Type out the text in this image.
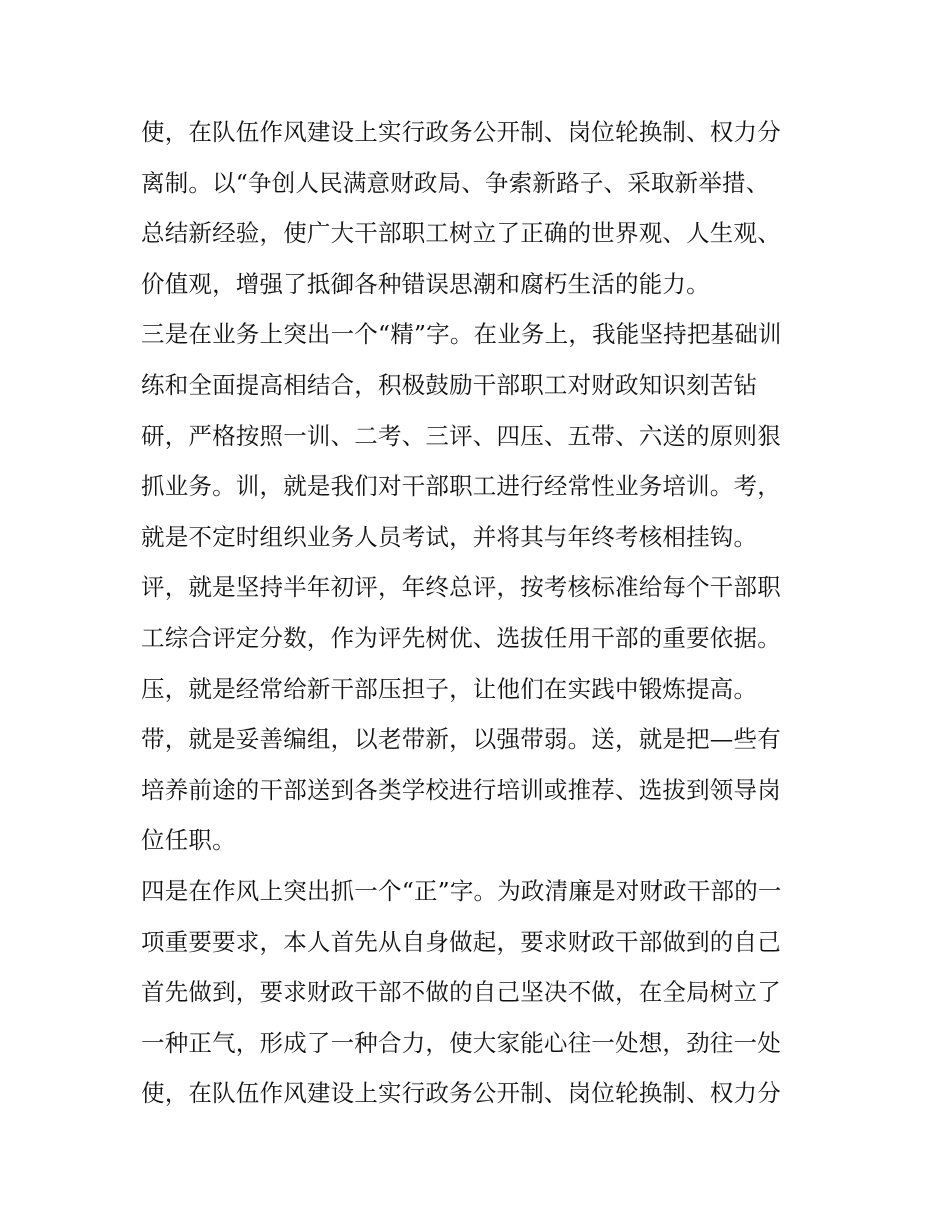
使，在队伍作风建设上实行政务公开制、岗位轮换制、权力分
离制。以“争创人民满意财政局、争索新路子、采取新举措、
总结新经验，使广大干部职工树立了正确的世界观、人生观、
价值观，增强了抵御各种错误思潮和腐朽生活的能力。
三是在业务上突出一个“精”字。在业务上，我能坚持把基础训
练和全面提高相结合，积极鼓励干部职工对财政知识刻苦钻
研，严格按照一训、二考、三评、四压、五带、六送的原则狠
抓业务。训，就是我们对干部职工进行经常性业务培训。考，
就是不定时组织业务人员考试，并将其与年终考核相挂钩。
评，就是坚持半年初评，年终总评，按考核标准给每个干部职
工综合评定分数，作为评先树优、选拔任用干部的重要依据。
压，就是经常给新干部压担子，让他们在实践中锻炼提高。
带，就是妥善编组，以老带新，以强带弱。送，就是把—些有
培养前途的干部送到各类学校进行培训或推荐、选拔到领导岗
位任职。
四是在作风上突出抓一个“正”字。为政清廉是对财政干部的一
项重要要求，本人首先从自身做起，要求财政干部做到的自己
首先做到，要求财政干部不做的自己坚决不做，在全局树立了
一种正气，形成了一种合力，使大家能心往一处想，劲往一处
使，在队伍作风建设上实行政务公开制、岗位轮换制、权力分
